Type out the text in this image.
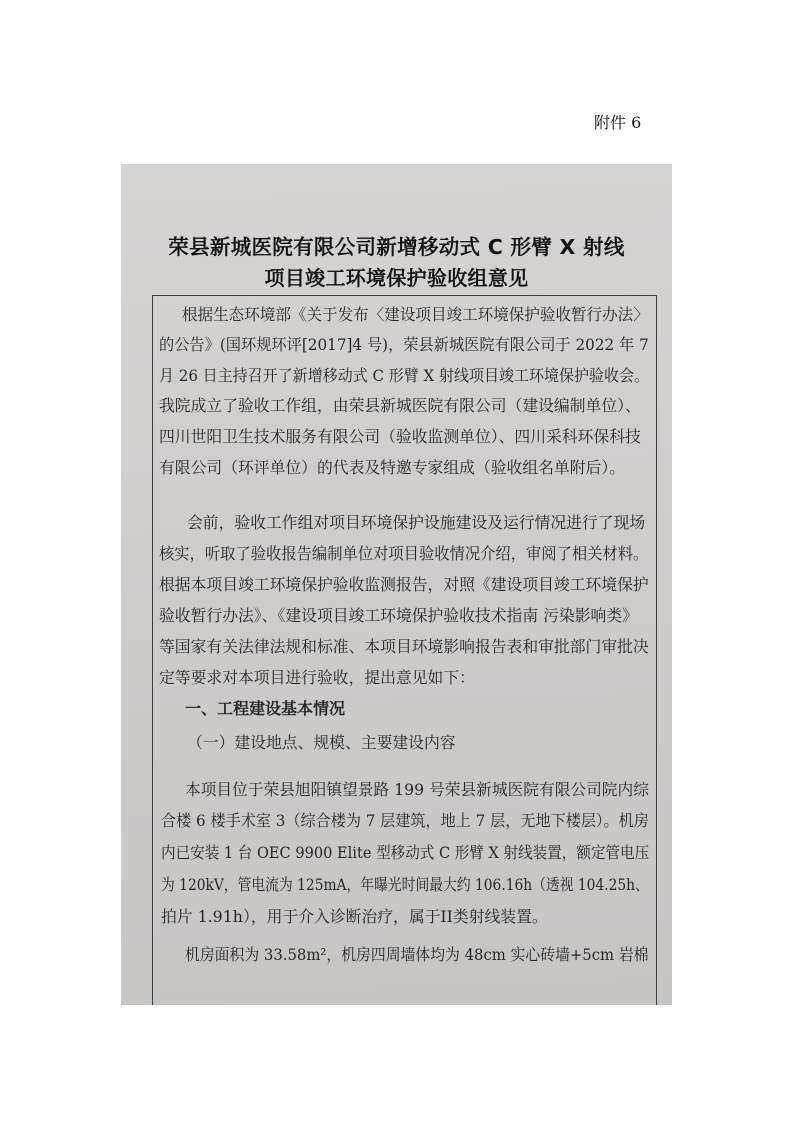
附件 6
荣县新城医院有限公司新增移动式 C 形臂 X 射线
项目竣工环境保护验收组意见
根据生态环境部《关于发布〈建设项目竣工环境保护验收暂行办法〉
的公告》(国环规环评[2017]4 号)，荣县新城医院有限公司于 2022 年 7
月 26 日主持召开了新增移动式 C 形臂 X 射线项目竣工环境保护验收会。
我院成立了验收工作组，由荣县新城医院有限公司（建设编制单位）、
四川世阳卫生技术服务有限公司（验收监测单位）、四川采科环保科技
有限公司（环评单位）的代表及特邀专家组成（验收组名单附后）。
会前，验收工作组对项目环境保护设施建设及运行情况进行了现场
核实，听取了验收报告编制单位对项目验收情况介绍，审阅了相关材料。
根据本项目竣工环境保护验收监测报告，对照《建设项目竣工环境保护
验收暂行办法》、《建设项目竣工环境保护验收技术指南 污染影响类》
等国家有关法律法规和标准、本项目环境影响报告表和审批部门审批决
定等要求对本项目进行验收，提出意见如下：
一、工程建设基本情况
（一）建设地点、规模、主要建设内容
本项目位于荣县旭阳镇望景路 199 号荣县新城医院有限公司院内综
合楼 6 楼手术室 3（综合楼为 7 层建筑，地上 7 层，无地下楼层）。机房
内已安装 1 台 OEC 9900 Elite 型移动式 C 形臂 X 射线装置，额定管电压
为 120kV，管电流为 125mA，年曝光时间最大约 106.16h（透视 104.25h、
拍片 1.91h），用于介入诊断治疗，属于II类射线装置。
机房面积为 33.58m²，机房四周墙体均为 48cm 实心砖墙+5cm 岩棉
